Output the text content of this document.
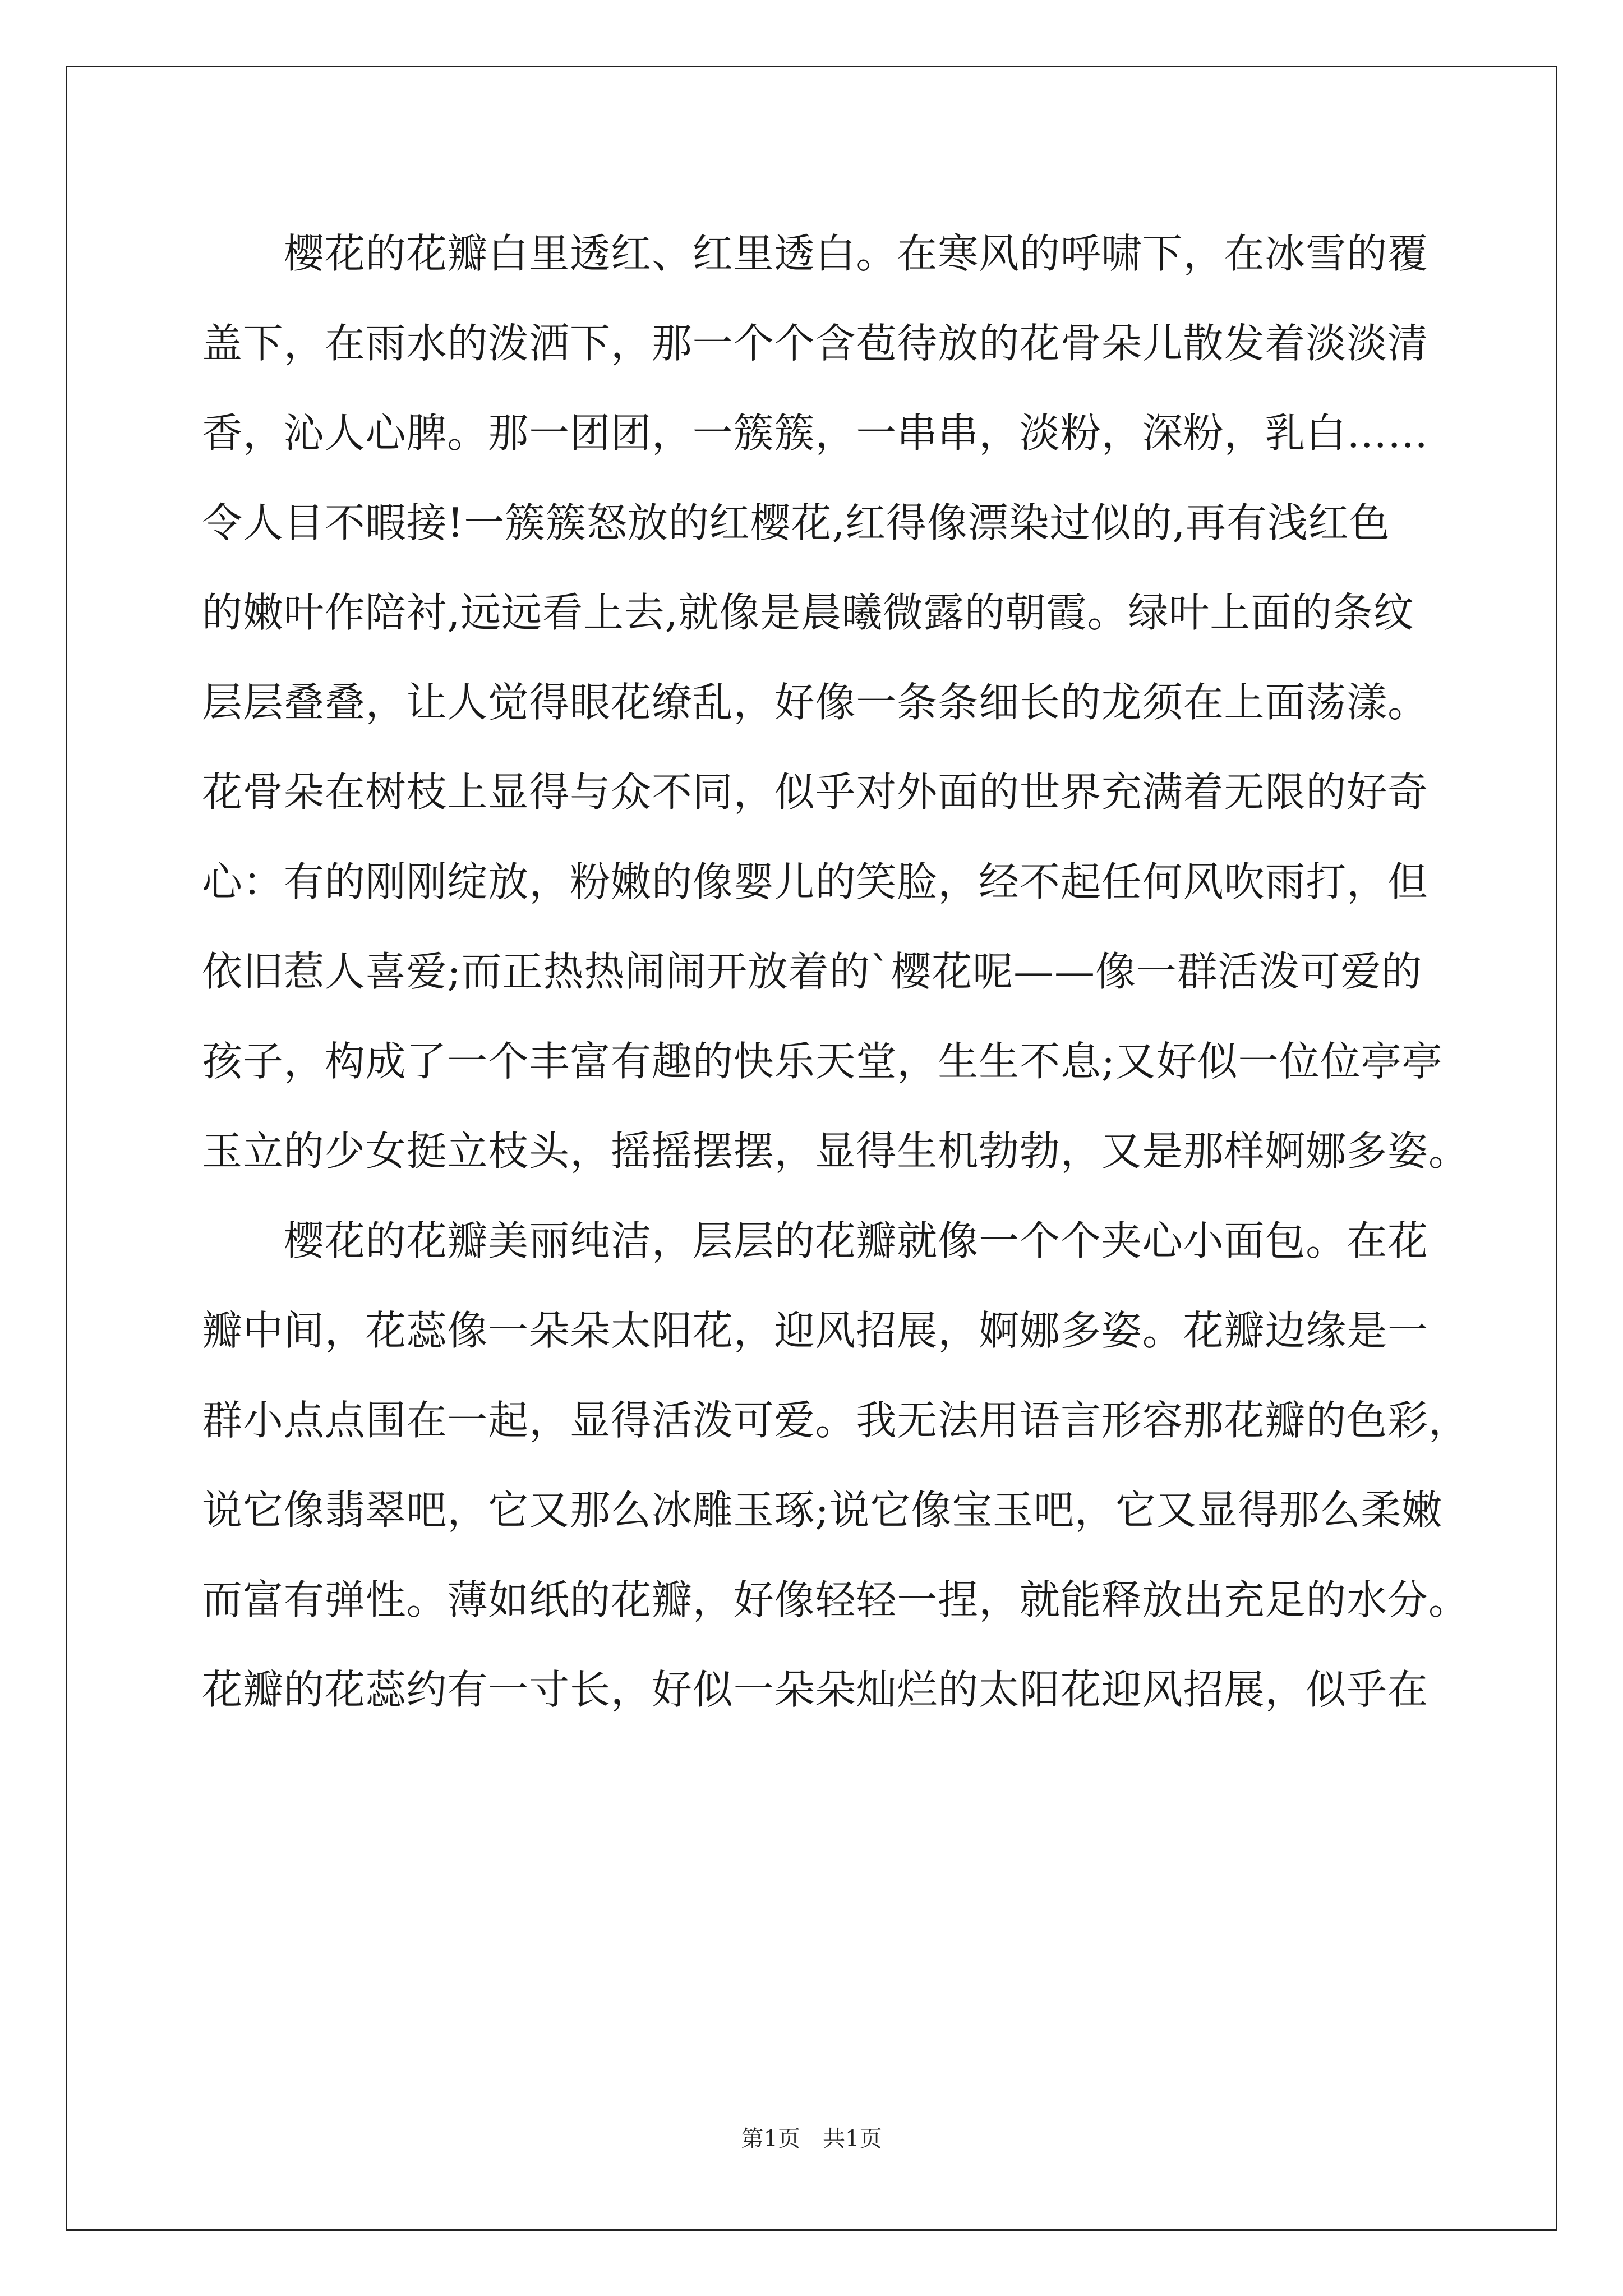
　　樱花的花瓣白里透红、红里透白。在寒风的呼啸下，在冰雪的覆
盖下，在雨水的泼洒下，那一个个含苞待放的花骨朵儿散发着淡淡清
香，沁人心脾。那一团团，一簇簇，一串串，淡粉，深粉，乳白……
令人目不暇接!一簇簇怒放的红樱花,红得像漂染过似的,再有浅红色
的嫩叶作陪衬,远远看上去,就像是晨曦微露的朝霞。绿叶上面的条纹
层层叠叠，让人觉得眼花缭乱，好像一条条细长的龙须在上面荡漾。
花骨朵在树枝上显得与众不同，似乎对外面的世界充满着无限的好奇
心：有的刚刚绽放，粉嫩的像婴儿的笑脸，经不起任何风吹雨打，但
依旧惹人喜爱;而正热热闹闹开放着的`樱花呢——像一群活泼可爱的
孩子，构成了一个丰富有趣的快乐天堂，生生不息;又好似一位位亭亭
玉立的少女挺立枝头，摇摇摆摆，显得生机勃勃，又是那样婀娜多姿。
　　樱花的花瓣美丽纯洁，层层的花瓣就像一个个夹心小面包。在花
瓣中间，花蕊像一朵朵太阳花，迎风招展，婀娜多姿。花瓣边缘是一
群小点点围在一起，显得活泼可爱。我无法用语言形容那花瓣的色彩，
说它像翡翠吧，它又那么冰雕玉琢;说它像宝玉吧，它又显得那么柔嫩
而富有弹性。薄如纸的花瓣，好像轻轻一捏，就能释放出充足的水分。
花瓣的花蕊约有一寸长，好似一朵朵灿烂的太阳花迎风招展，似乎在
第1页　共1页
